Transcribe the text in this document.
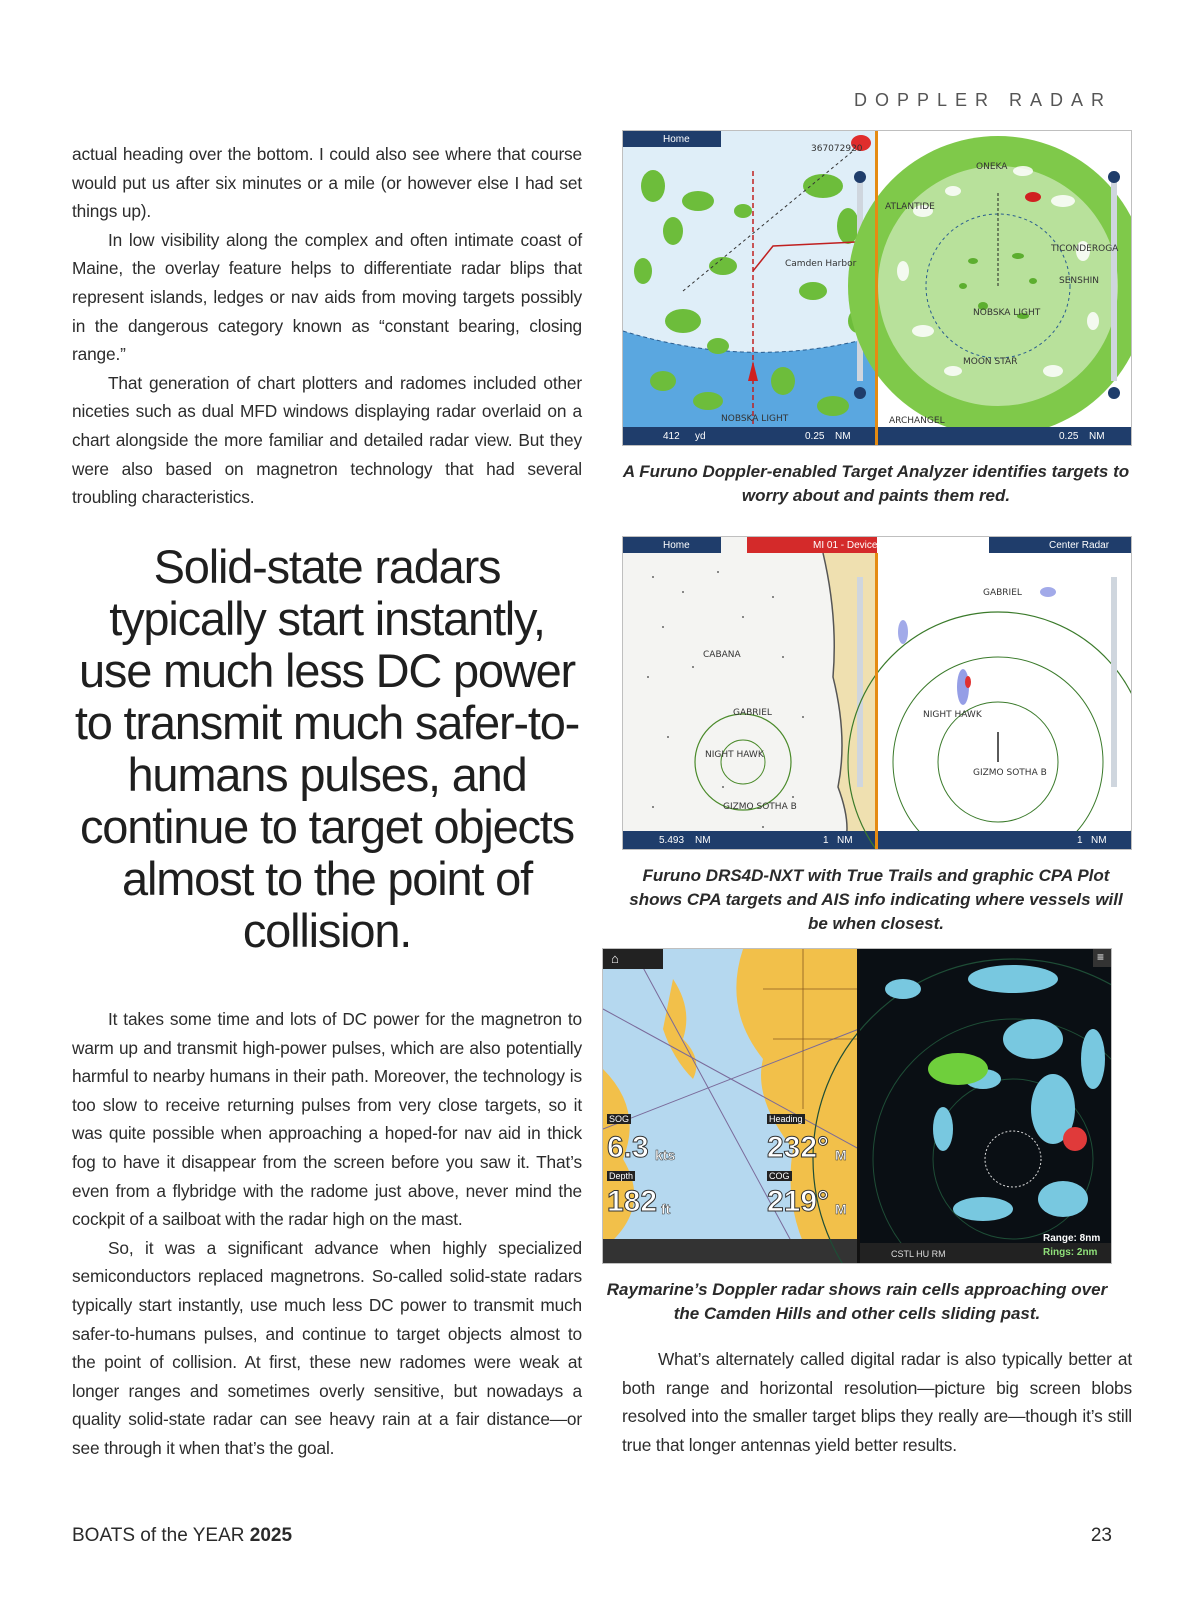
DOPPLER RADAR

actual heading over the bottom. I could also see where that course would put us after six minutes or a mile (or however else I had set things up).

In low visibility along the complex and often intimate coast of Maine, the overlay feature helps to differentiate radar blips that represent islands, ledges or nav aids from moving targets possibly in the dangerous category known as “constant bearing, closing range.”

That generation of chart plotters and radomes included other niceties such as dual MFD windows displaying radar overlaid on a chart alongside the more familiar and detailed radar view. But they were also based on magnetron technology that had several troubling characteristics.

Solid-state radars typically start instantly, use much less DC power to transmit much safer-to-humans pulses, and continue to target objects almost to the point of collision.

It takes some time and lots of DC power for the magnetron to warm up and transmit high-power pulses, which are also potentially harmful to nearby humans in their path. Moreover, the technology is too slow to receive returning pulses from very close targets, so it was quite possible when approaching a hoped-for nav aid in thick fog to have it disappear from the screen before you saw it. That’s even from a flybridge with the radome just above, never mind the cockpit of a sailboat with the radar high on the mast.

So, it was a significant advance when highly specialized semiconductors replaced magnetrons. So-called solid-state radars typically start instantly, use much less DC power to transmit much safer-to-humans pulses, and continue to target objects almost to the point of collision. At first, these new radomes were weak at longer ranges and sometimes overly sensitive, but nowadays a quality solid-state radar can see heavy rain at a fair distance—or see through it when that’s the goal.

Camden Harbor
NOBSKA LIGHT
367072920
ONEKA
ATLANTIDE
TICONDEROGA
SENSHIN
NOBSKA LIGHT
MOON STAR
ARCHANGEL
Home
412	yd	0.25	NM	0.25	NM
A Furuno Doppler-enabled Target Analyzer identifies targets to worry about and paints them red.
CABANA
GABRIEL
NIGHT HAWK
GIZMO SOTHA B
GABRIEL
NIGHT HAWK
GIZMO SOTHA B
Home	MI 01 - Device Missing - MI 01	Center Radar
5.493	NM	1 NM	1 NM
Furuno DRS4D-NXT with True Trails and graphic CPA Plot shows CPA targets and AIS info indicating where vessels will be when closest.
SOG
6.3 kts
Heading
232° M
Depth
182 ft
COG
219° M
Range: 8nm
Rings: 2nm
CSTL HU RM
⌂	≡
Raymarine’s Doppler radar shows rain cells approaching over the Camden Hills and other cells sliding past.

What’s alternately called digital radar is also typically better at both range and horizontal resolution—picture big screen blobs resolved into the smaller target blips they really are—though it’s still true that longer antennas yield better results.

BOATS of the YEAR 2025	23
